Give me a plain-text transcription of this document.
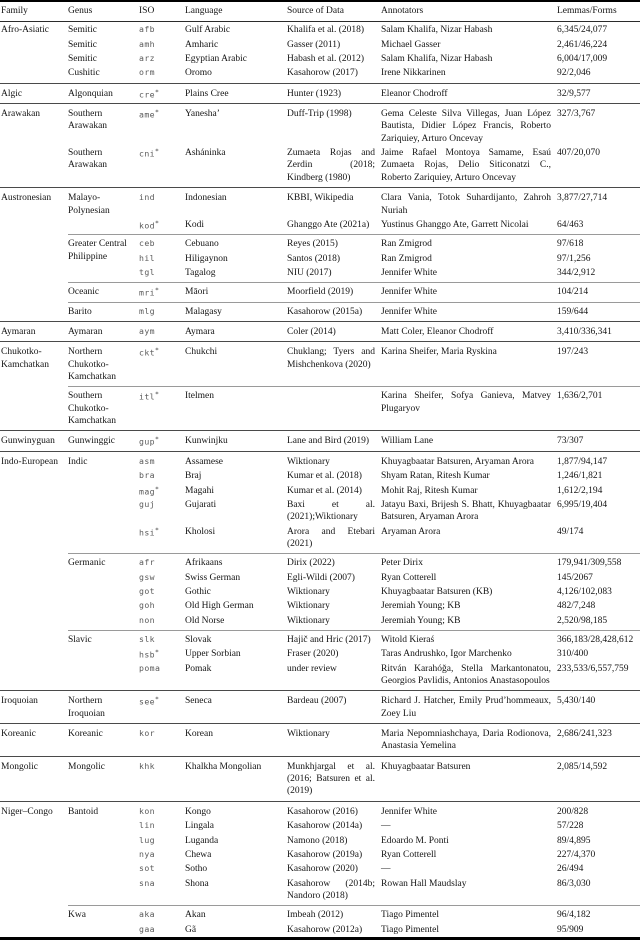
Family	Genus	ISO	Language	Source of Data	Annotators	Lemmas/Forms
Afro-Asiatic	Semitic	afb	Gulf Arabic	Khalifa et al. (2018)	Salam Khalifa, Nizar Habash	6,345/24,077
	Semitic	amh	Amharic	Gasser (2011)	Michael Gasser	2,461/46,224
	Semitic	arz	Egyptian Arabic	Habash et al. (2012)	Salam Khalifa, Nizar Habash	6,004/17,009
	Cushitic	orm	Oromo	Kasahorow (2017)	Irene Nikkarinen	92/2,046
Algic	Algonquian	cre*	Plains Cree	Hunter (1923)	Eleanor Chodroff	32/9,577
Arawakan	Southern Arawakan	ame*	Yanesha’	Duff-Trip (1998)	Gema Celeste Silva Villegas, Juan López Bautista, Didier López Francis, Roberto Zariquiey, Arturo Oncevay	327/3,767
	Southern Arawakan	cni*	Asháninka	Zumaeta Rojas and Zerdin (2018; Kindberg (1980)	Jaime Rafael Montoya Samame, Esaú Zumaeta Rojas, Delio Siticonatzi C., Roberto Zariquiey, Arturo Oncevay	407/20,070
Austronesian	Malayo-Polynesian	ind	Indonesian	KBBI, Wikipedia	Clara Vania, Totok Suhardijanto, Zahroh Nuriah	3,877/27,714
		kod*	Kodi	Ghanggo Ate (2021a)	Yustinus Ghanggo Ate, Garrett Nicolai	64/463
	Greater Central Philippine	ceb	Cebuano	Reyes (2015)	Ran Zmigrod	97/618
		hil	Hiligaynon	Santos (2018)	Ran Zmigrod	97/1,256
		tgl	Tagalog	NIU (2017)	Jennifer White	344/2,912
	Oceanic	mri*	Māori	Moorfield (2019)	Jennifer White	104/214
	Barito	mlg	Malagasy	Kasahorow (2015a)	Jennifer White	159/644
Aymaran	Aymaran	aym	Aymara	Coler (2014)	Matt Coler, Eleanor Chodroff	3,410/336,341
Chukotko-Kamchatkan	Northern Chukotko-Kamchatkan	ckt*	Chukchi	Chuklang; Tyers and Mishchenkova (2020)	Karina Sheifer, Maria Ryskina	197/243
	Southern Chukotko-Kamchatkan	itl*	Itelmen		Karina Sheifer, Sofya Ganieva, Matvey Plugaryov	1,636/2,701
Gunwinyguan	Gunwinggic	gup*	Kunwinjku	Lane and Bird (2019)	William Lane	73/307
Indo-European	Indic	asm	Assamese	Wiktionary	Khuyagbaatar Batsuren, Aryaman Arora	1,877/94,147
		bra	Braj	Kumar et al. (2018)	Shyam Ratan, Ritesh Kumar	1,246/1,821
		mag*	Magahi	Kumar et al. (2014)	Mohit Raj, Ritesh Kumar	1,612/2,194
		guj	Gujarati	Baxi et al. (2021);Wiktionary	Jatayu Baxi, Brijesh S. Bhatt, Khuyagbaatar Batsuren, Aryaman Arora	6,995/19,404
		hsi*	Kholosi	Arora and Etebari (2021)	Aryaman Arora	49/174
	Germanic	afr	Afrikaans	Dirix (2022)	Peter Dirix	179,941/309,558
		gsw	Swiss German	Egli-Wildi (2007)	Ryan Cotterell	145/2067
		got	Gothic	Wiktionary	Khuyagbaatar Batsuren (KB)	4,126/102,083
		goh	Old High German	Wiktionary	Jeremiah Young; KB	482/7,248
		non	Old Norse	Wiktionary	Jeremiah Young; KB	2,520/98,185
	Slavic	slk	Slovak	Hajič and Hric (2017)	Witold Kieraś	366,183/28,428,612
		hsb*	Upper Sorbian	Fraser (2020)	Taras Andrushko, Igor Marchenko	310/400
		poma	Pomak	under review	Ritván Karahóğa, Stella Markantonatou, Georgios Pavlidis, Antonios Anastasopoulos	233,533/6,557,759
Iroquoian	Northern Iroquoian	see*	Seneca	Bardeau (2007)	Richard J. Hatcher, Emily Prud’hommeaux, Zoey Liu	5,430/140
Koreanic	Koreanic	kor	Korean	Wiktionary	Maria Nepomniashchaya, Daria Rodionova, Anastasia Yemelina	2,686/241,323
Mongolic	Mongolic	khk	Khalkha Mongolian	Munkhjargal et al. (2016; Batsuren et al. (2019)	Khuyagbaatar Batsuren	2,085/14,592
Niger–Congo	Bantoid	kon	Kongo	Kasahorow (2016)	Jennifer White	200/828
		lin	Lingala	Kasahorow (2014a)	—	57/228
		lug	Luganda	Namono (2018)	Edoardo M. Ponti	89/4,895
		nya	Chewa	Kasahorow (2019a)	Ryan Cotterell	227/4,370
		sot	Sotho	Kasahorow (2020)	—	26/494
		sna	Shona	Kasahorow (2014b; Nandoro (2018)	Rowan Hall Maudslay	86/3,030
	Kwa	aka	Akan	Imbeah (2012)	Tiago Pimentel	96/4,182
		gaa	Gã	Kasahorow (2012a)	Tiago Pimentel	95/909
